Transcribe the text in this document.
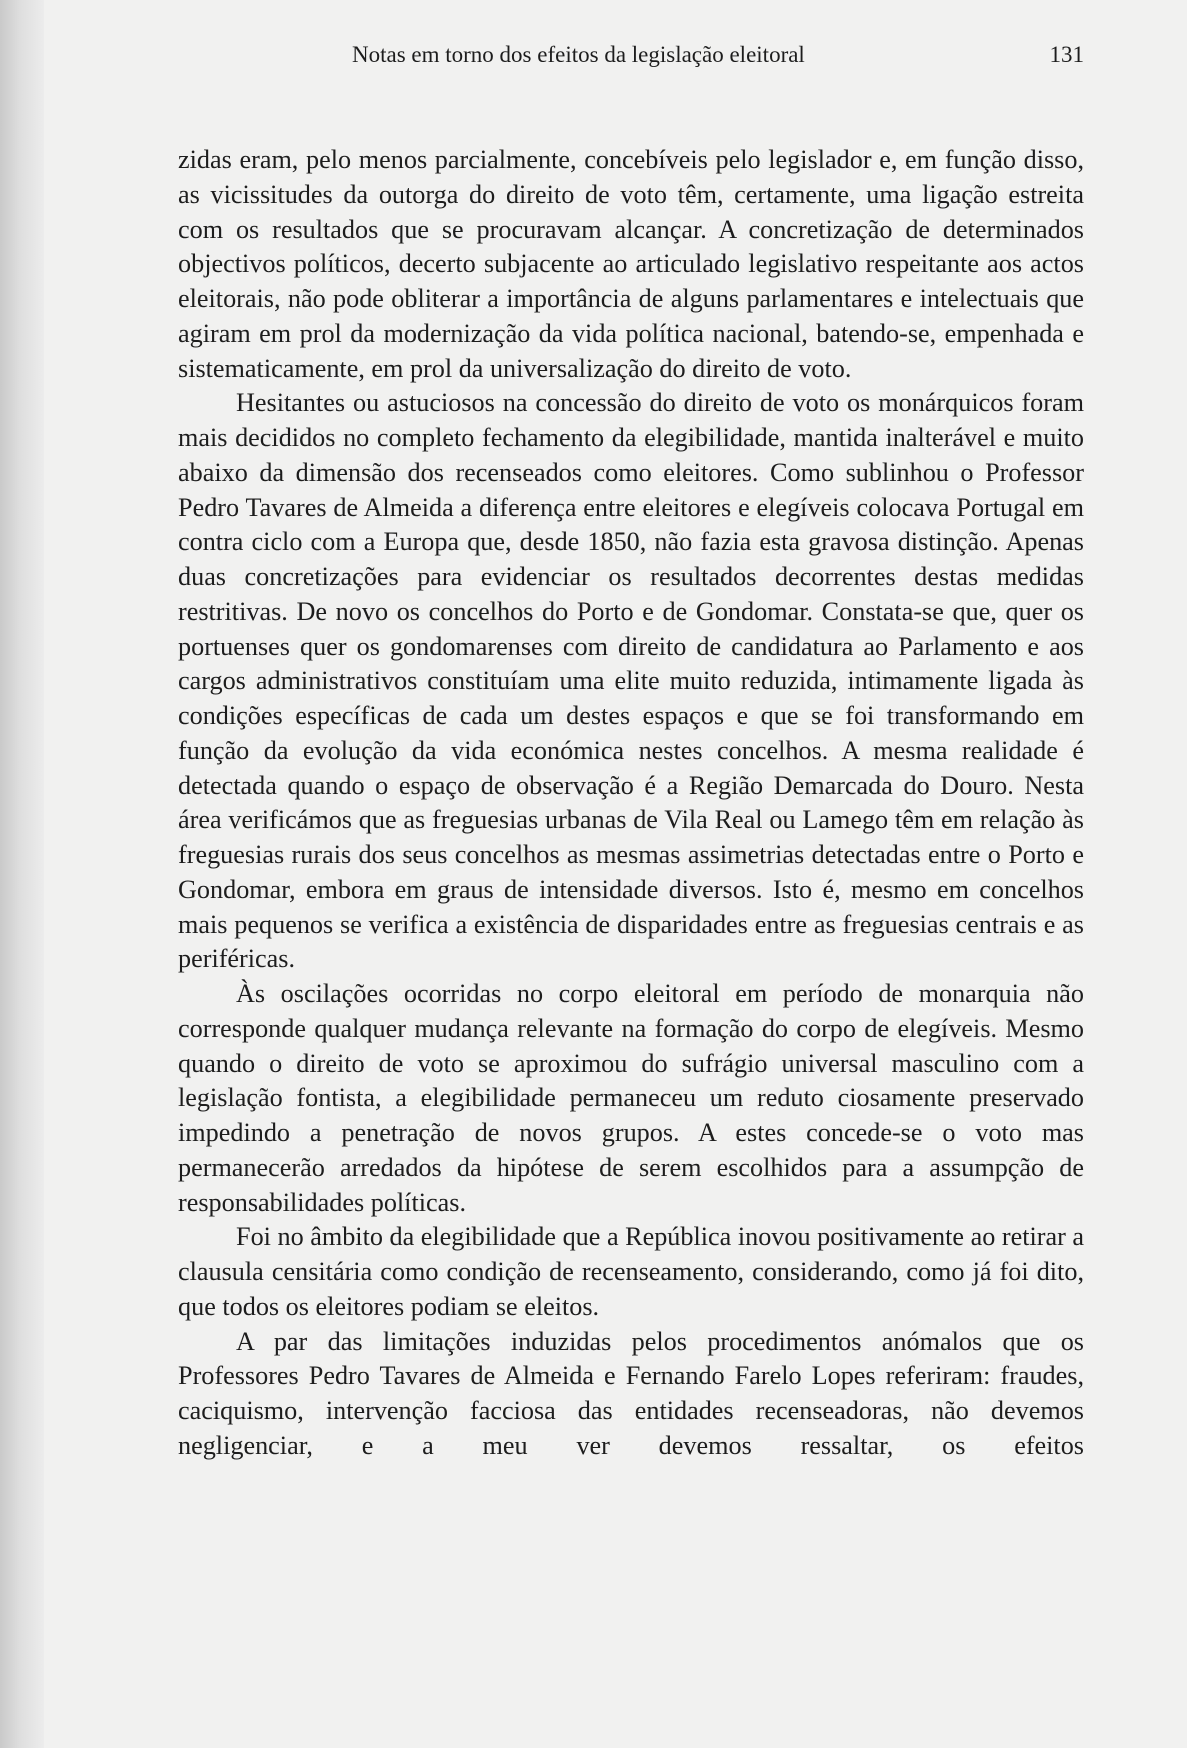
Notas em torno dos efeitos da legislação eleitoral	131

zidas eram, pelo menos parcialmente, concebíveis pelo legislador e, em função disso, as vicissitudes da outorga do direito de voto têm, certamente, uma ligação estreita com os resultados que se procuravam alcançar. A concretização de determinados objectivos políticos, decerto subjacente ao articulado legislativo respeitante aos actos eleitorais, não pode obliterar a importância de alguns parlamentares e intelectuais que agiram em prol da modernização da vida política nacional, batendo-se, empenhada e sistematicamente, em prol da universalização do direito de voto.

Hesitantes ou astuciosos na concessão do direito de voto os monárquicos foram mais decididos no completo fechamento da elegibilidade, mantida inalterável e muito abaixo da dimensão dos recenseados como eleitores. Como sublinhou o Professor Pedro Tavares de Almeida a diferença entre eleitores e elegíveis colocava Portugal em contra ciclo com a Europa que, desde 1850, não fazia esta gravosa distinção. Apenas duas concretizações para evidenciar os resultados decorrentes destas medidas restritivas. De novo os concelhos do Porto e de Gondomar. Constata-se que, quer os portuenses quer os gondomarenses com direito de candidatura ao Parlamento e aos cargos administrativos constituíam uma elite muito reduzida, intimamente ligada às condições específicas de cada um destes espaços e que se foi transformando em função da evolução da vida económica nestes concelhos. A mesma realidade é detectada quando o espaço de observação é a Região Demarcada do Douro. Nesta área verificámos que as freguesias urbanas de Vila Real ou Lamego têm em relação às freguesias rurais dos seus concelhos as mesmas assimetrias detectadas entre o Porto e Gondomar, embora em graus de intensidade diversos. Isto é, mesmo em concelhos mais pequenos se verifica a existência de disparidades entre as freguesias centrais e as periféricas.

Às oscilações ocorridas no corpo eleitoral em período de monarquia não corresponde qualquer mudança relevante na formação do corpo de elegíveis. Mesmo quando o direito de voto se aproximou do sufrágio universal masculino com a legislação fontista, a elegibilidade permaneceu um reduto ciosamente preservado impedindo a penetração de novos grupos. A estes concede-se o voto mas permanecerão arredados da hipótese de serem escolhidos para a assumpção de responsabilidades políticas.

Foi no âmbito da elegibilidade que a República inovou positivamente ao retirar a clausula censitária como condição de recenseamento, considerando, como já foi dito, que todos os eleitores podiam se eleitos.

A par das limitações induzidas pelos procedimentos anómalos que os Professores Pedro Tavares de Almeida e Fernando Farelo Lopes referiram: fraudes, caciquismo, intervenção facciosa das entidades recenseadoras, não devemos negligenciar, e a meu ver devemos ressaltar, os efeitos
